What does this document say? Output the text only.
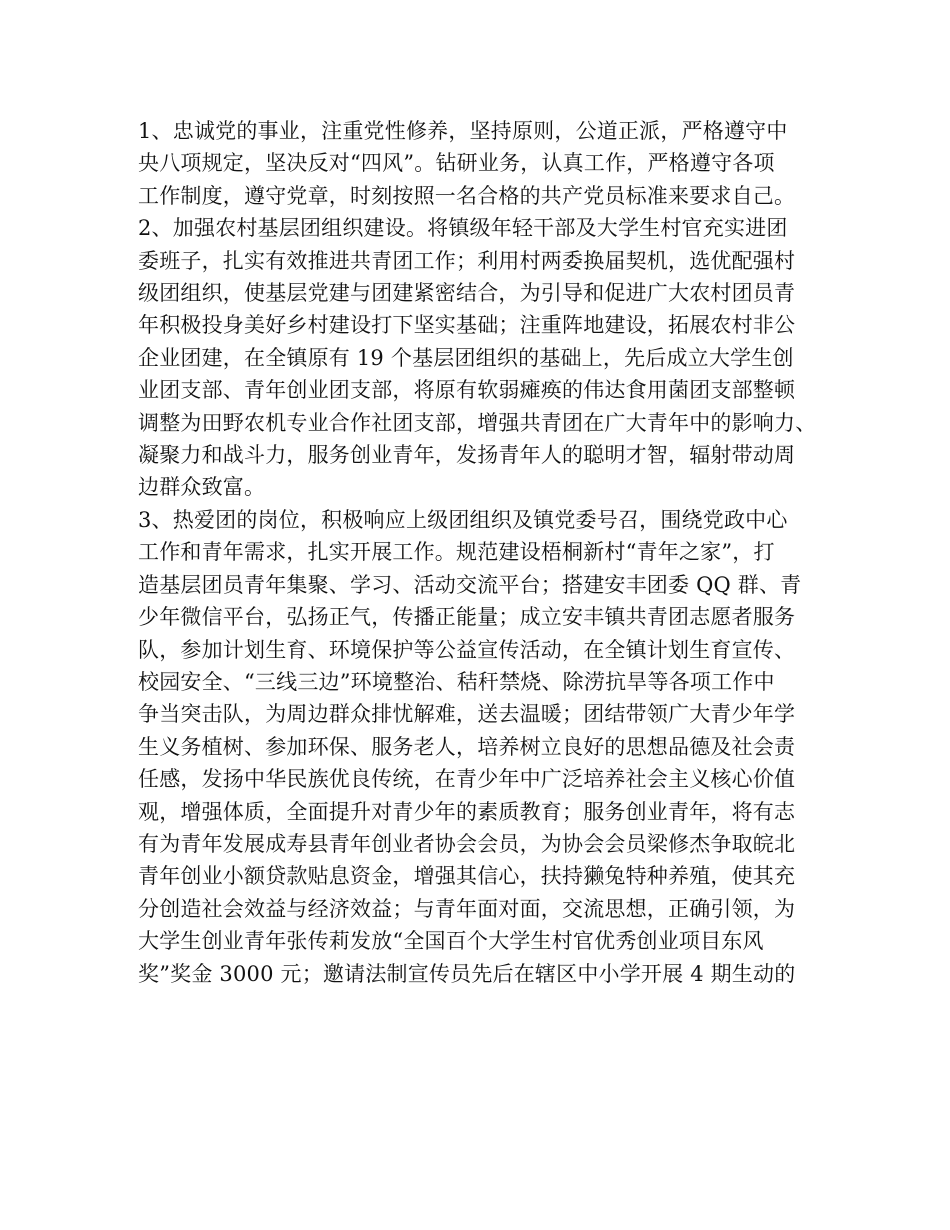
1、忠诚党的事业，注重党性修养，坚持原则，公道正派，严格遵守中
央八项规定，坚决反对“四风”。钻研业务，认真工作，严格遵守各项
工作制度，遵守党章，时刻按照一名合格的共产党员标准来要求自己。
2、加强农村基层团组织建设。将镇级年轻干部及大学生村官充实进团
委班子，扎实有效推进共青团工作；利用村两委换届契机，选优配强村
级团组织，使基层党建与团建紧密结合，为引导和促进广大农村团员青
年积极投身美好乡村建设打下坚实基础；注重阵地建设，拓展农村非公
企业团建，在全镇原有 19 个基层团组织的基础上，先后成立大学生创
业团支部、青年创业团支部，将原有软弱瘫痪的伟达食用菌团支部整顿
调整为田野农机专业合作社团支部，增强共青团在广大青年中的影响力、
凝聚力和战斗力，服务创业青年，发扬青年人的聪明才智，辐射带动周
边群众致富。
3、热爱团的岗位，积极响应上级团组织及镇党委号召，围绕党政中心
工作和青年需求，扎实开展工作。规范建设梧桐新村“青年之家”，打
造基层团员青年集聚、学习、活动交流平台；搭建安丰团委 QQ 群、青
少年微信平台，弘扬正气，传播正能量；成立安丰镇共青团志愿者服务
队，参加计划生育、环境保护等公益宣传活动，在全镇计划生育宣传、
校园安全、“三线三边”环境整治、秸秆禁烧、除涝抗旱等各项工作中
争当突击队，为周边群众排忧解难，送去温暖；团结带领广大青少年学
生义务植树、参加环保、服务老人，培养树立良好的思想品德及社会责
任感，发扬中华民族优良传统，在青少年中广泛培养社会主义核心价值
观，增强体质，全面提升对青少年的素质教育；服务创业青年，将有志
有为青年发展成寿县青年创业者协会会员，为协会会员梁修杰争取皖北
青年创业小额贷款贴息资金，增强其信心，扶持獭兔特种养殖，使其充
分创造社会效益与经济效益；与青年面对面，交流思想，正确引领，为
大学生创业青年张传莉发放“全国百个大学生村官优秀创业项目东风
奖”奖金 3000 元；邀请法制宣传员先后在辖区中小学开展 4 期生动的
